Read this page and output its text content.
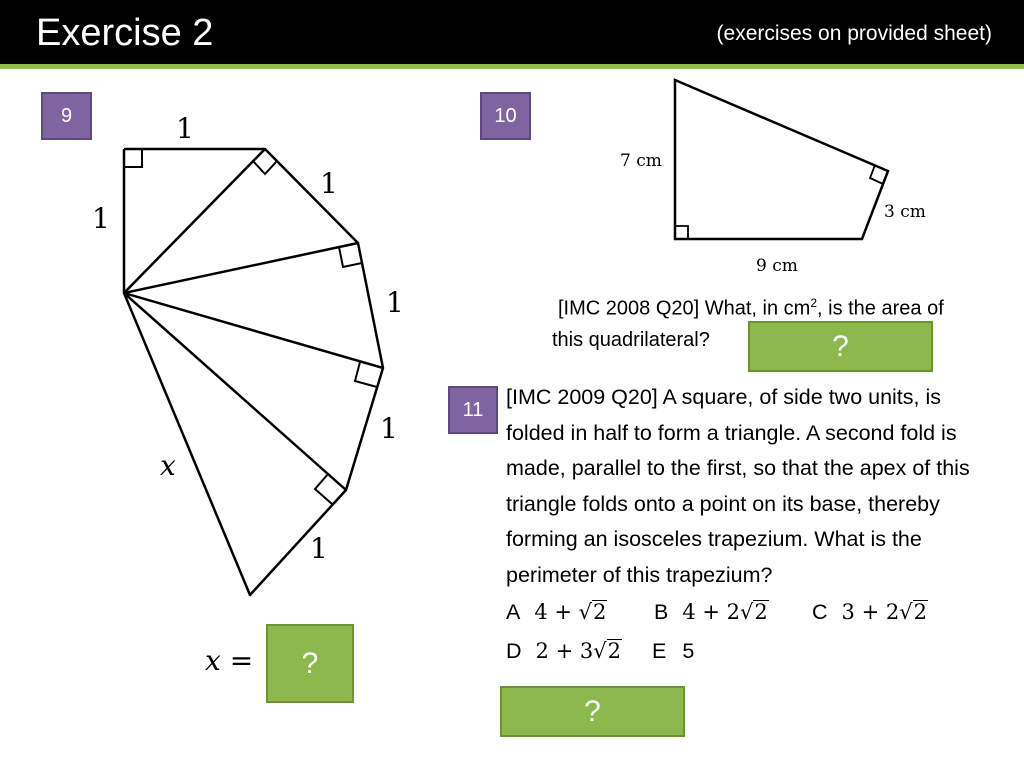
Exercise 2	(exercises on provided sheet)
9	1
1
1
1
1
1
x
x =	?
10
7 cm
3 cm
9 cm
[IMC 2008 Q20] What, in $cm^2$, is the area of
this quadrilateral?	?
11
[IMC 2009 Q20] A square, of side two units, is folded in half to form a triangle. A second fold is made, parallel to the first, so that the apex of this triangle folds onto a point on its base, thereby forming an isosceles trapezium. What is the perimeter of this trapezium?
A 4 + √2 B 4 + 2√2 C 3 + 2√2
D 2 + 3√2 E 5
?
